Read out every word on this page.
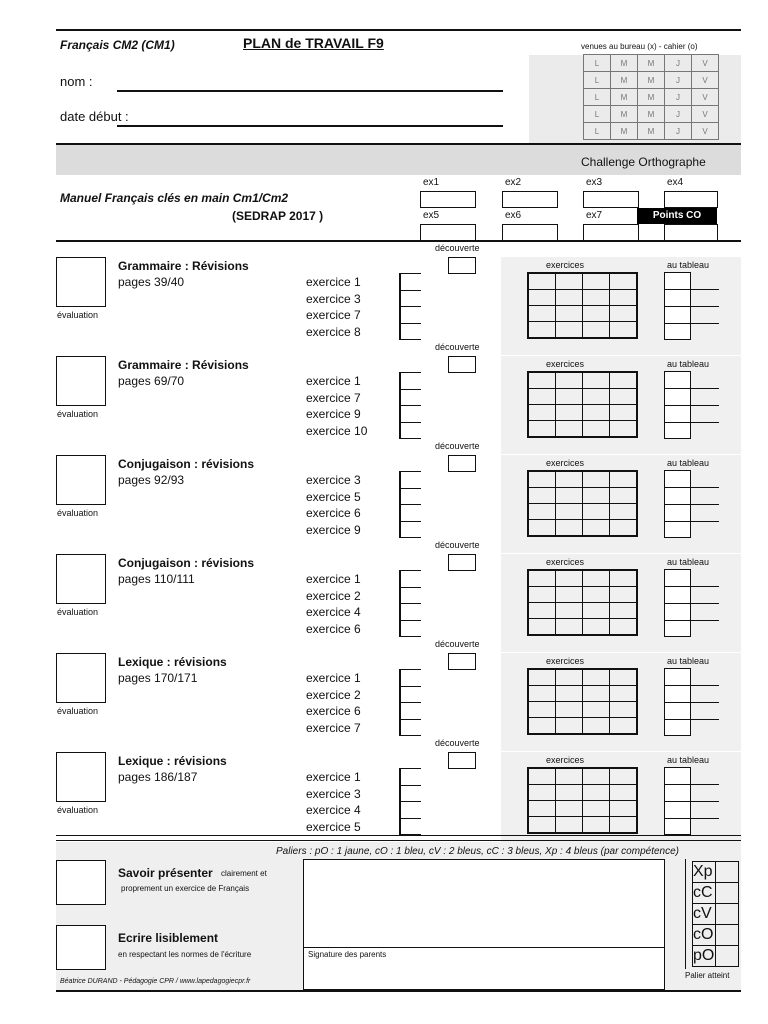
Français CM2 (CM1)	PLAN de TRAVAIL F9
nom :
date début :
venues au bureau (x) - cahier (o)
L	M	M	J	V
L	M	M	J	V
L	M	M	J	V
L	M	M	J	V
L	M	M	J	V
Challenge Orthographe
Manuel Français clés en main Cm1/Cm2
(SEDRAP 2017 )
ex1	ex2	ex3	ex4
ex5	ex6	ex7	Points CO
évaluation
Grammaire : Révisions
pages 39/40	exercice 1
exercice 3
exercice 7
exercice 8
découverte
exercices	au tableau

évaluation
Grammaire : Révisions
pages 69/70	exercice 1
exercice 7
exercice 9
exercice 10
découverte
exercices	au tableau

évaluation
Conjugaison : révisions
pages 92/93	exercice 3
exercice 5
exercice 6
exercice 9
découverte
exercices	au tableau

évaluation
Conjugaison : révisions
pages 110/111	exercice 1
exercice 2
exercice 4
exercice 6
découverte
exercices	au tableau

évaluation
Lexique : révisions
pages 170/171	exercice 1
exercice 2
exercice 6
exercice 7
découverte
exercices	au tableau

évaluation
Lexique : révisions
pages 186/187	exercice 1
exercice 3
exercice 4
exercice 5
découverte
exercices	au tableau

Paliers : pO : 1 jaune, cO : 1 bleu, cV : 2 bleus, cC : 3 bleus, Xp : 4 bleus (par compétence)
Savoir présenter clairement et
proprement un exercice de Français
Ecrire lisiblement
en respectant les normes de l'écriture
Béatrice DURAND - Pédagogie CPR / www.lapedagogiecpr.fr
Signature des parents
Xp	
cC	
cV	
cO	
pO	
Palier atteint
